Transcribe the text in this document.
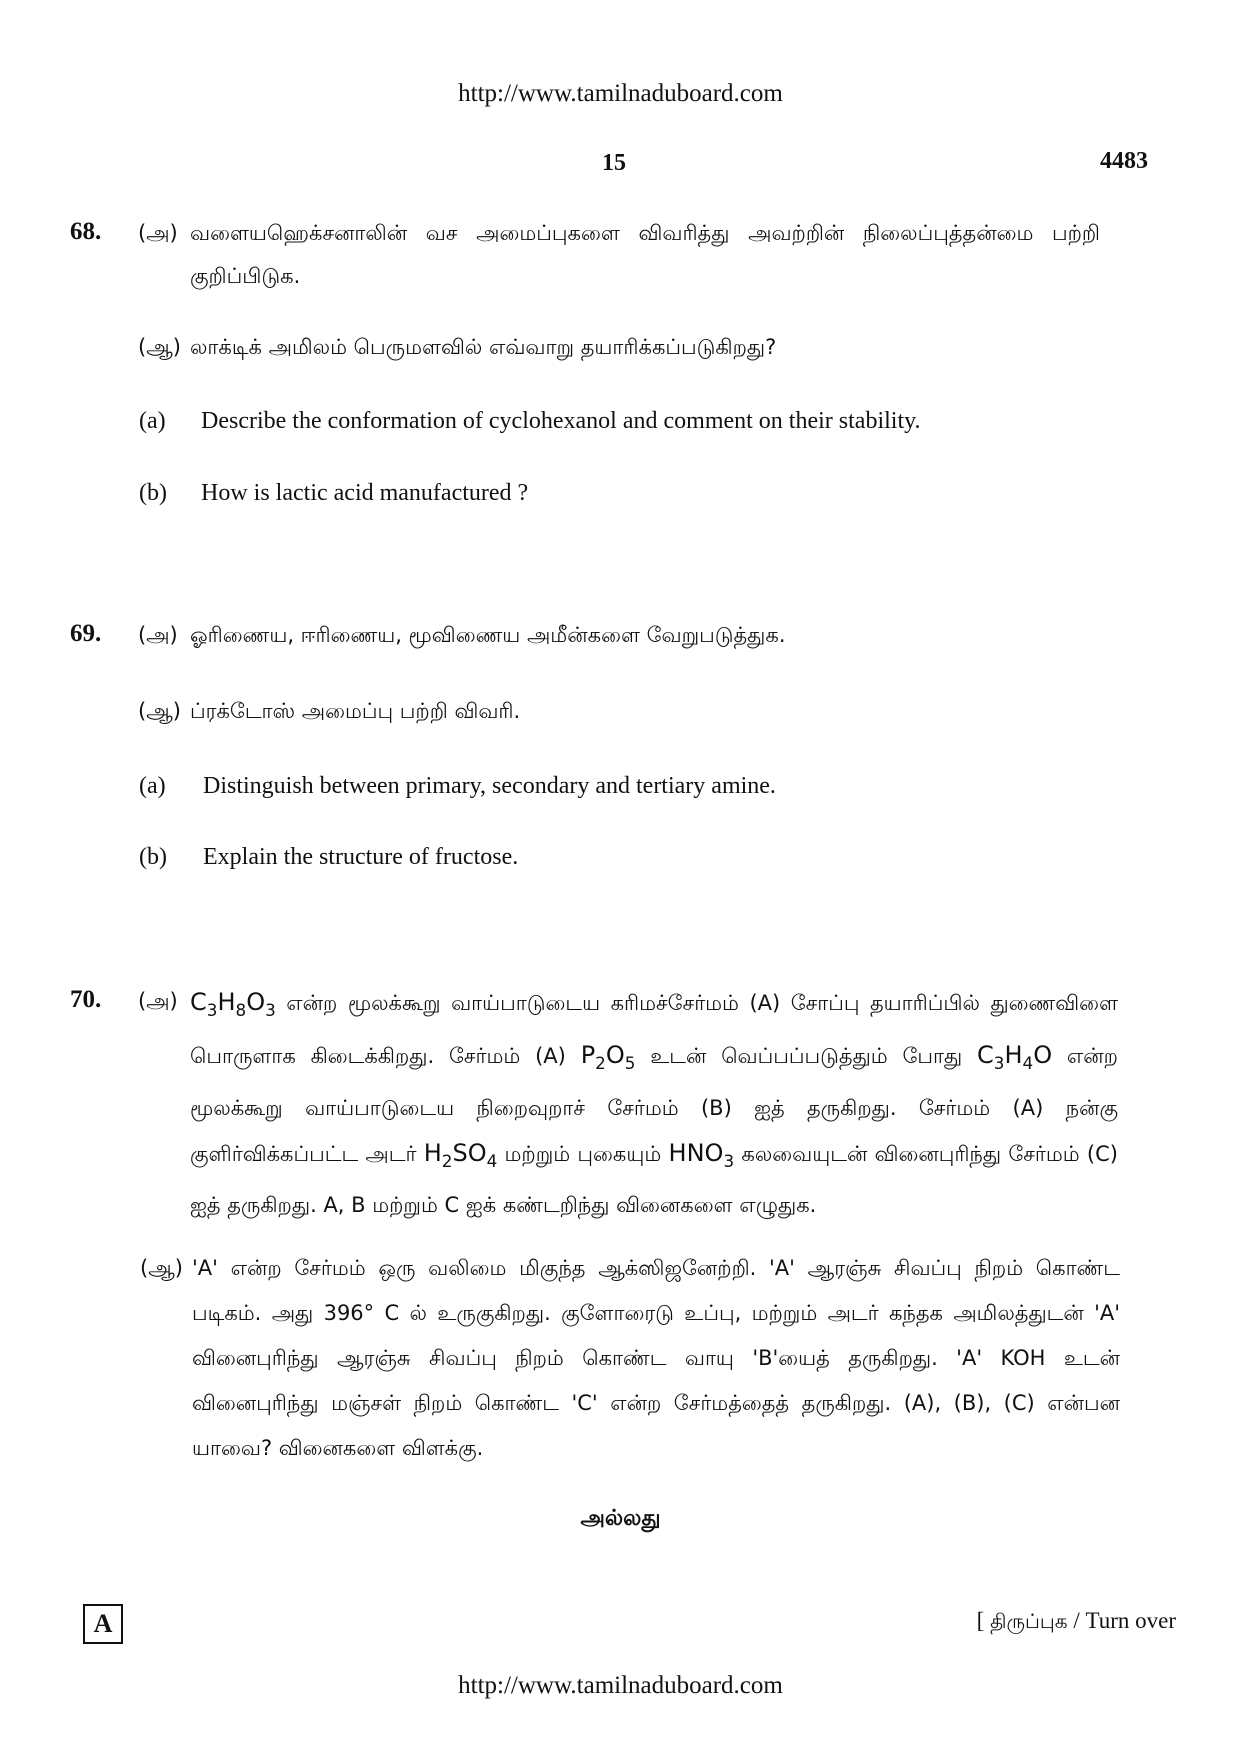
http://www.tamilnaduboard.com
15	4483
68.	(அ) வளையஹெக்சனாலின் வச அமைப்புகளை விவரித்து அவற்றின் நிலைப்புத்தன்மை பற்றி குறிப்பிடுக.
(ஆ) லாக்டிக் அமிலம் பெருமளவில் எவ்வாறு தயாரிக்கப்படுகிறது?
(a) Describe the conformation of cyclohexanol and comment on their stability.
(b) How is lactic acid manufactured ?
69.	(அ) ஓரிணைய, ஈரிணைய, மூவிணைய அமீன்களை வேறுபடுத்துக.
(ஆ) ப்ரக்டோஸ் அமைப்பு பற்றி விவரி.
(a) Distinguish between primary, secondary and tertiary amine.
(b) Explain the structure of fructose.
70.	(அ) $C_3H_8O_3$ என்ற மூலக்கூறு வாய்பாடுடைய கரிமச்சேர்மம் (A) சோப்பு தயாரிப்பில் துணைவிளை பொருளாக கிடைக்கிறது. சேர்மம் (A) $P_2O_5$ உடன் வெப்பப்படுத்தும் போது $C_3H_4O$ என்ற மூலக்கூறு வாய்பாடுடைய நிறைவுறாச் சேர்மம் (B) ஐத் தருகிறது. சேர்மம் (A) நன்கு குளிர்விக்கப்பட்ட அடர் $H_2SO_4$ மற்றும் புகையும் $HNO_3$ கலவையுடன் வினைபுரிந்து சேர்மம் (C) ஐத் தருகிறது. A, B மற்றும் C ஐக் கண்டறிந்து வினைகளை எழுதுக.
(ஆ) 'A' என்ற சேர்மம் ஒரு வலிமை மிகுந்த ஆக்ஸிஜனேற்றி. 'A' ஆரஞ்சு சிவப்பு நிறம் கொண்ட படிகம். அது 396° C ல் உருகுகிறது. குளோரைடு உப்பு, மற்றும் அடர் கந்தக அமிலத்துடன் 'A' வினைபுரிந்து ஆரஞ்சு சிவப்பு நிறம் கொண்ட வாயு 'B'யைத் தருகிறது. 'A' KOH உடன் வினைபுரிந்து மஞ்சள் நிறம் கொண்ட 'C' என்ற சேர்மத்தைத் தருகிறது. (A), (B), (C) என்பன யாவை? வினைகளை விளக்கு.
அல்லது
A	[ திருப்புக / Turn over
http://www.tamilnaduboard.com
